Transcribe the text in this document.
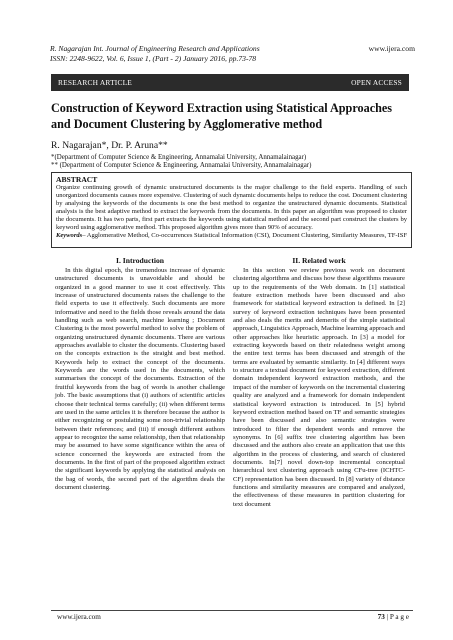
R. Nagarajan Int. Journal of Engineering Research and Applications
ISSN: 2248-9622, Vol. 6, Issue 1, (Part - 2) January 2016, pp.73-78
www.ijera.com
RESEARCH ARTICLE	OPEN ACCESS
Construction of Keyword Extraction using Statistical Approaches and Document Clustering by Agglomerative method
R. Nagarajan*, Dr. P. Aruna**
*(Department of Computer Science & Engineering, Annamalai University, Annamalainagar)
** (Department of Computer Science & Engineering, Annamalai University, Annamalainagar)

ABSTRACT

Organize continuing growth of dynamic unstructured documents is the major challenge to the field experts. Handling of such unorganized documents causes more expensive. Clustering of such dynamic documents helps to reduce the cost. Document clustering by analysing the keywords of the documents is one the best method to organize the unstructured dynamic documents. Statistical analysis is the best adaptive method to extract the keywords from the documents. In this paper an algorithm was proposed to cluster the documents. It has two parts, first part extracts the keywords using statistical method and the second part construct the clusters by keyword using agglomerative method. This proposed algorithm gives more than 90% of accuracy.

Keywords– Agglomerative Method, Co-occurrences Statistical Information (CSI), Document Clustering, Similarity Measures, TF-ISF

I. Introduction

In this digital epoch, the tremendous increase of dynamic unstructured documents is unavoidable and should be organized in a good manner to use it cost effectively. This increase of unstructured documents raises the challenge to the field experts to use it effectively. Such documents are more informative and need to the fields those reveals around the data handling such as web search, machine learning ; Document Clustering is the most powerful method to solve the problem of organizing unstructured dynamic documents. There are various approaches available to cluster the documents. Clustering based on the concepts extraction is the straight and best method. Keywords help to extract the concept of the documents. Keywords are the words used in the documents, which summarises the concept of the documents. Extraction of the fruitful keywords from the bag of words is another challenge job. The basic assumptions that (i) authors of scientific articles choose their technical terms carefully; (ii) when different terms are used in the same articles it is therefore because the author is either recognizing or postulating some non-trivial relationship between their references; and (iii) if enough different authors appear to recognize the same relationship, then that relationship may be assumed to have some significance within the area of science concerned the keywords are extracted from the documents. In the first of part of the proposed algorithm extract the significant keywords by applying the statistical analysis on the bag of words, the second part of the algorithm deals the document clustering.

II. Related work

In this section we review previous work on document clustering algorithms and discuss how these algorithms measure up to the requirements of the Web domain. In [1] statistical feature extraction methods have been discussed and also framework for statistical keyword extraction is defined. In [2] survey of keyword extraction techniques have been presented and also deals the merits and demerits of the simple statistical approach, Linguistics Approach, Machine learning approach and other approaches like heuristic approach. In [3] a model for extracting keywords based on their relatedness weight among the entire text terms has been discussed and strength of the terms are evaluated by semantic similarity. In [4] different ways to structure a textual document for keyword extraction, different domain independent keyword extraction methods, and the impact of the number of keywords on the incremental clustering quality are analyzed and a framework for domain independent statistical keyword extraction is introduced. In [5] hybrid keyword extraction method based on TF and semantic strategies have been discussed and also semantic strategies were introduced to filter the dependent words and remove the synonyms. In [6] suffix tree clustering algorithm has been discussed and the authors also create an application that use this algorithm in the process of clustering, and search of clustered documents. In[7] novel down-top incremental conceptual hierarchical text clustering approach using CFu-tree (ICHTC-CF) representation has been discussed. In [8] variety of distance functions and similarity measures are compared and analyzed, the effectiveness of these measures in partition clustering for text document

www.ijera.com	73 | P a g e
